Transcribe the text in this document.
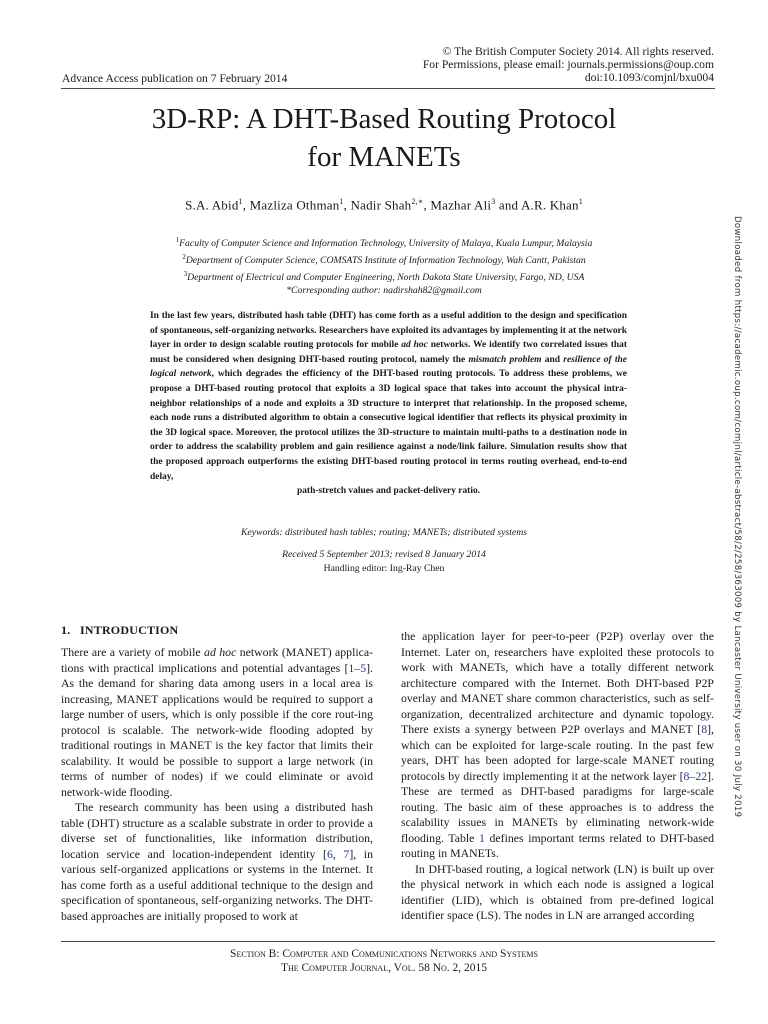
© The British Computer Society 2014. All rights reserved.
For Permissions, please email: journals.permissions@oup.com
doi:10.1093/comjnl/bxu004
Advance Access publication on 7 February 2014
3D-RP: A DHT-Based Routing Protocol
for MANETs
S.A. Abid$^1$, Mazliza Othman$^1$, Nadir Shah$^{2,∗}$, Mazhar Ali$^3$ and A.R. Khan$^1$
$^1$Faculty of Computer Science and Information Technology, University of Malaya, Kuala Lumpur, Malaysia
$^2$Department of Computer Science, COMSATS Institute of Information Technology, Wah Cantt, Pakistan
$^3$Department of Electrical and Computer Engineering, North Dakota State University, Fargo, ND, USA
*Corresponding author: nadirshah82@gmail.com
In the last few years, distributed hash table (DHT) has come forth as a useful addition to the design and specification of spontaneous, self-organizing networks. Researchers have exploited its advantages by implementing it at the network layer in order to design scalable routing protocols for mobile ad hoc networks. We identify two correlated issues that must be considered when designing DHT-based routing protocol, namely the mismatch problem and resilience of the logical network, which degrades the efficiency of the DHT-based routing protocols. To address these problems, we propose a DHT-based routing protocol that exploits a 3D logical space that takes into account the physical intra-neighbor relationships of a node and exploits a 3D structure to interpret that relationship. In the proposed scheme, each node runs a distributed algorithm to obtain a consecutive logical identifier that reflects its physical proximity in the 3D logical space. Moreover, the protocol utilizes the 3D-structure to maintain multi-paths to a destination node in order to address the scalability problem and gain resilience against a node/link failure. Simulation results show that the proposed approach outperforms the existing DHT-based routing protocol in terms routing overhead, end-to-end delay,
path-stretch values and packet-delivery ratio.
Keywords: distributed hash tables; routing; MANETs; distributed systems
Received 5 September 2013; revised 8 January 2014
Handling editor: Ing-Ray Chen
1.   INTRODUCTION

There are a variety of mobile ad hoc network (MANET) applica-tions with practical implications and potential advantages [1–5]. As the demand for sharing data among users in a local area is increasing, MANET applications would be required to support a large number of users, which is only possible if the core rout-ing protocol is scalable. The network-wide flooding adopted by traditional routings in MANET is the key factor that limits their scalability. It would be possible to support a large network (in terms of number of nodes) if we could eliminate or avoid network-wide flooding.

The research community has been using a distributed hash table (DHT) structure as a scalable substrate in order to provide a diverse set of functionalities, like information distribution, location service and location-independent identity [6, 7], in various self-organized applications or systems in the Internet. It has come forth as a useful additional technique to the design and specification of spontaneous, self-organizing networks. The DHT-based approaches are initially proposed to work at

the application layer for peer-to-peer (P2P) overlay over the Internet. Later on, researchers have exploited these protocols to work with MANETs, which have a totally different network architecture compared with the Internet. Both DHT-based P2P overlay and MANET share common characteristics, such as self-organization, decentralized architecture and dynamic topology. There exists a synergy between P2P overlays and MANET [8], which can be exploited for large-scale routing. In the past few years, DHT has been adopted for large-scale MANET routing protocols by directly implementing it at the network layer [8–22]. These are termed as DHT-based paradigms for large-scale routing. The basic aim of these approaches is to address the scalability issues in MANETs by eliminating network-wide flooding. Table 1 defines important terms related to DHT-based routing in MANETs.

In DHT-based routing, a logical network (LN) is built up over the physical network in which each node is assigned a logical identifier (LID), which is obtained from pre-defined logical identifier space (LS). The nodes in LN are arranged according

Section B: Computer and Communications Networks and Systems
The Computer Journal, Vol. 58 No. 2, 2015
Downloaded from https://academic.oup.com/comjnl/article-abstract/58/2/258/363009 by Lancaster University user on 30 July 2019
